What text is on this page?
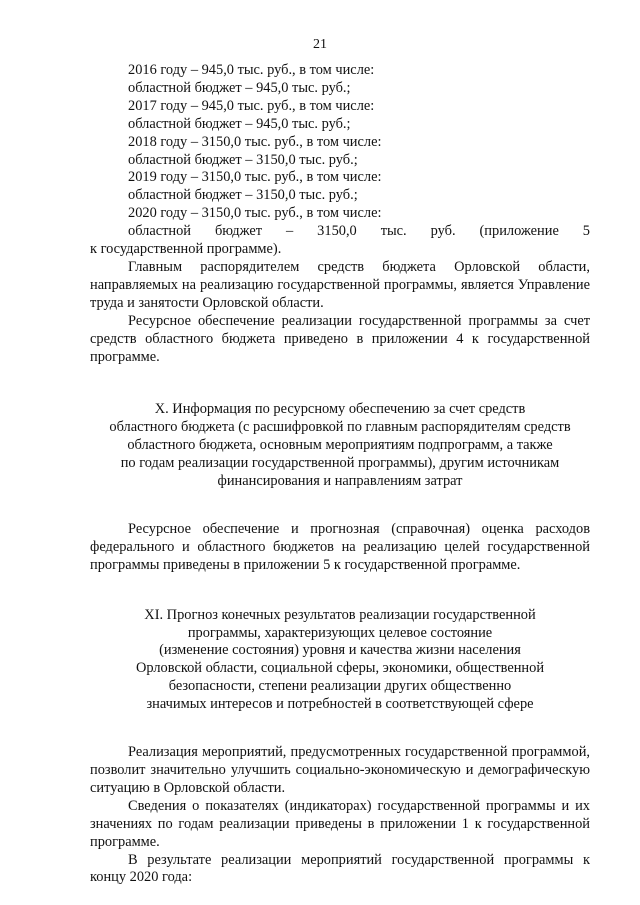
21
2016 году – 945,0 тыс. руб., в том числе:
областной бюджет – 945,0 тыс. руб.;
2017 году – 945,0 тыс. руб., в том числе:
областной бюджет – 945,0 тыс. руб.;
2018 году – 3150,0 тыс. руб., в том числе:
областной бюджет – 3150,0 тыс. руб.;
2019 году – 3150,0 тыс. руб., в том числе:
областной бюджет – 3150,0 тыс. руб.;
2020 году – 3150,0 тыс. руб., в том числе:
областной бюджет – 3150,0 тыс. руб. (приложение 5
к государственной программе).

Главным распорядителем средств бюджета Орловской области, направляемых на реализацию государственной программы, является Управление труда и занятости Орловской области.

Ресурсное обеспечение реализации государственной программы за счет средств областного бюджета приведено в приложении 4 к государственной программе.

X. Информация по ресурсному обеспечению за счет средств
областного бюджета (с расшифровкой по главным распорядителям средств
областного бюджета, основным мероприятиям подпрограмм, а также
по годам реализации государственной программы), другим источникам
финансирования и направлениям затрат

Ресурсное обеспечение и прогнозная (справочная) оценка расходов федерального и областного бюджетов на реализацию целей государственной программы приведены в приложении 5 к государственной программе.

XI. Прогноз конечных результатов реализации государственной
программы, характеризующих целевое состояние
(изменение состояния) уровня и качества жизни населения
Орловской области, социальной сферы, экономики, общественной
безопасности, степени реализации других общественно
значимых интересов и потребностей в соответствующей сфере

Реализация мероприятий, предусмотренных государственной программой, позволит значительно улучшить социально-экономическую и демографическую ситуацию в Орловской области.

Сведения о показателях (индикаторах) государственной программы и их значениях по годам реализации приведены в приложении 1 к государственной программе.

В результате реализации мероприятий государственной программы к концу 2020 года:
